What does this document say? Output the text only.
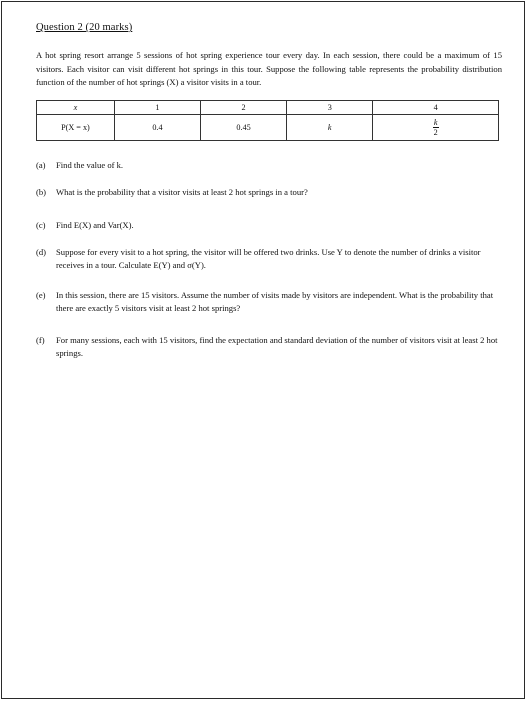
Question 2 (20 marks)

A hot spring resort arrange 5 sessions of hot spring experience tour every day. In each session, there could be a maximum of 15 visitors. Each visitor can visit different hot springs in this tour. Suppose the following table represents the probability distribution function of the number of hot springs (X) a visitor visits in a tour.

x	1	2	3	4
P(X = x)	0.4	0.45	k	$\frac{k}{2}$
(a)	Find the value of k.
(b)	What is the probability that a visitor visits at least 2 hot springs in a tour?
(c)	Find E(X) and Var(X).
(d)	Suppose for every visit to a hot spring, the visitor will be offered two drinks. Use Y to denote the number of drinks a visitor receives in a tour. Calculate E(Y) and σ(Y).
(e)	In this session, there are 15 visitors. Assume the number of visits made by visitors are independent. What is the probability that there are exactly 5 visitors visit at least 2 hot springs?
(f)	For many sessions, each with 15 visitors, find the expectation and standard deviation of the number of visitors visit at least 2 hot springs.
